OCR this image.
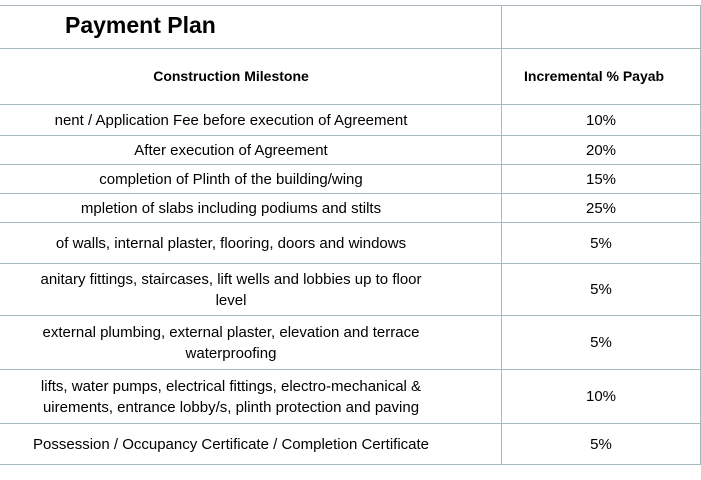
Payment Plan	
Construction Milestone	Incremental % Payab

nent / Application Fee before execution of Agreement	10%

After execution of Agreement	20%

completion of Plinth of the building/wing	15%

mpletion of slabs including podiums and stilts	25%

of walls, internal plaster, flooring, doors and windows	5%

anitary fittings, staircases, lift wells and lobbies up to floor
level	5%

external plumbing, external plaster, elevation and terrace
waterproofing	5%

lifts, water pumps, electrical fittings, electro-mechanical &
uirements, entrance lobby/s, plinth protection and paving	10%

Possession / Occupancy Certificate / Completion Certificate	5%
